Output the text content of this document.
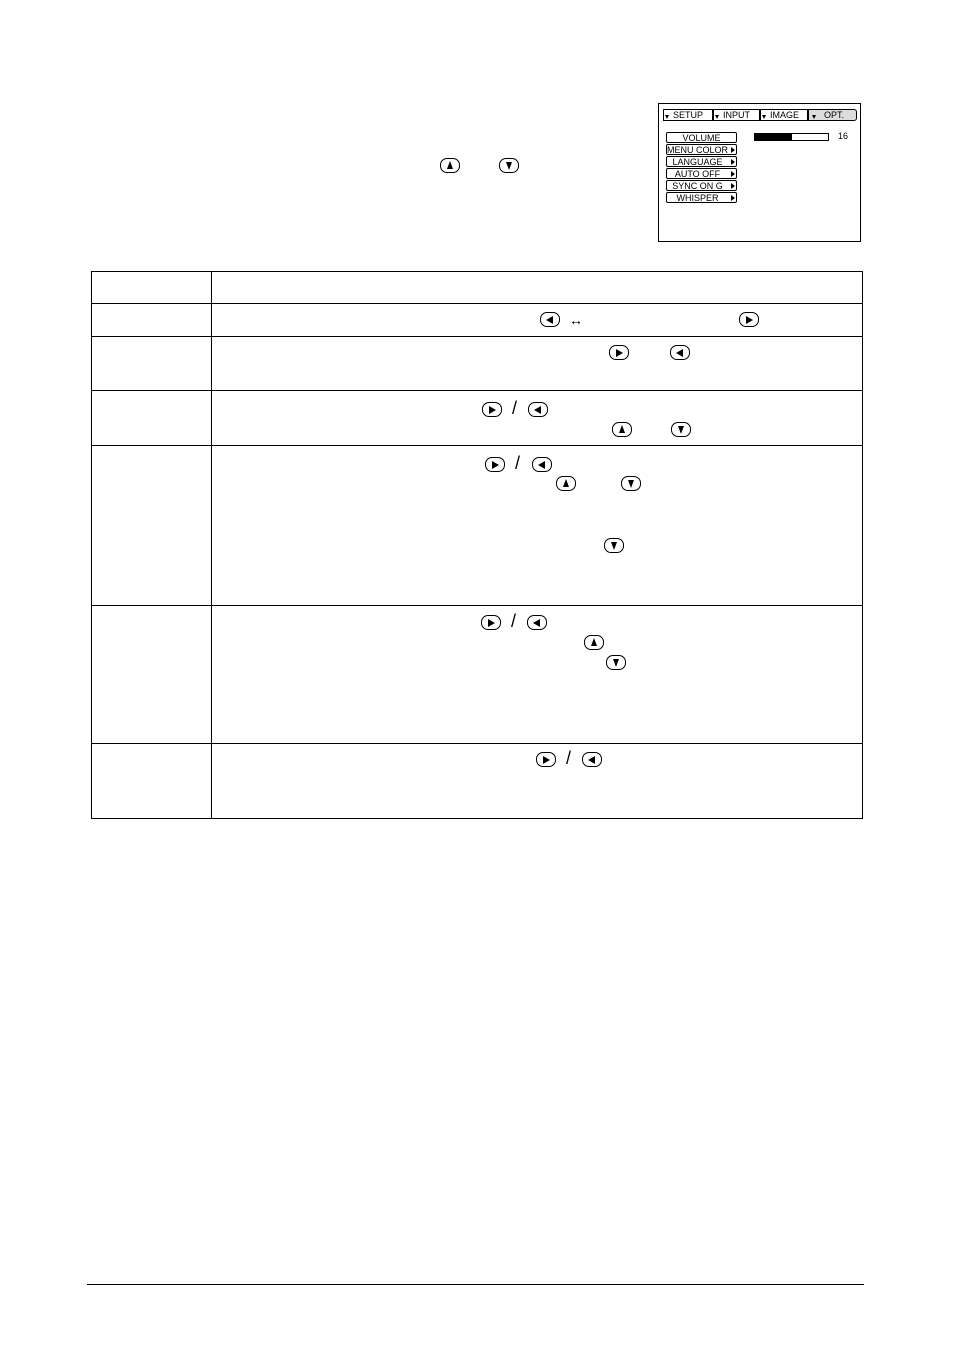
SETUP INPUT IMAGE	OPT.
VOLUME
MENU COLOR
LANGUAGE
AUTO OFF
SYNC ON G
WHISPER
16
↔
/
/
/
/
